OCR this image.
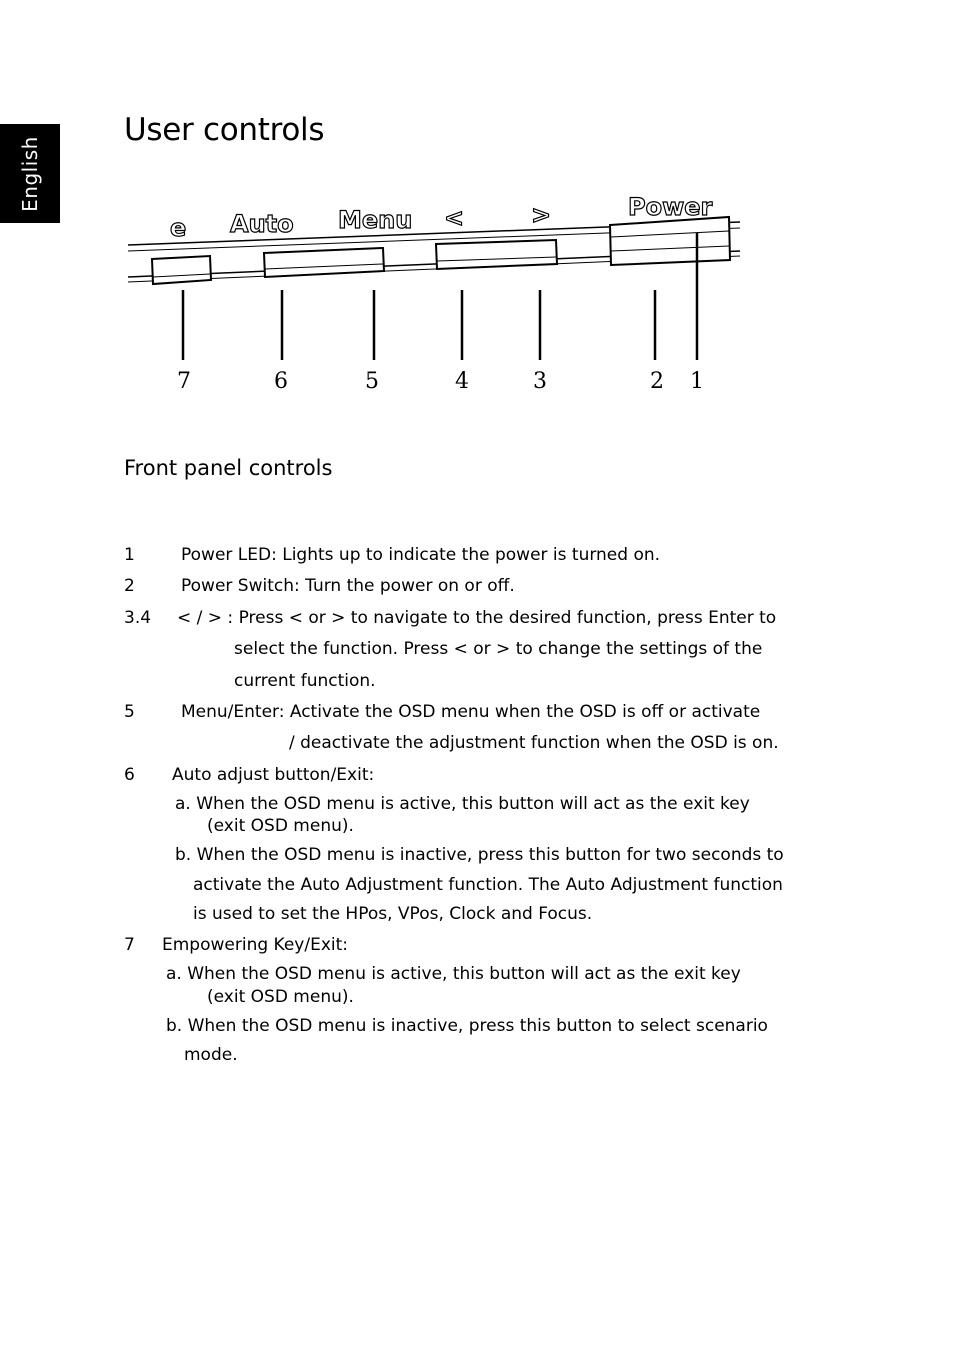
English
User controls
e Auto Menu <	>	Power
7	6	5	4	3	2 1
Front panel controls
1	Power LED: Lights up to indicate the power is turned on.
2	Power Switch: Turn the power on or off.
3.4 < / > : Press < or > to navigate to the desired function, press Enter to
select the function. Press < or > to change the settings of the
current function.
5	Menu/Enter: Activate the OSD menu when the OSD is off or activate
/ deactivate the adjustment function when the OSD is on.
6 Auto adjust button/Exit:
a. When the OSD menu is active, this button will act as the exit key
(exit OSD menu).
b. When the OSD menu is inactive, press this button for two seconds to
activate the Auto Adjustment function. The Auto Adjustment function
is used to set the HPos, VPos, Clock and Focus.
7 Empowering Key/Exit:
a. When the OSD menu is active, this button will act as the exit key
(exit OSD menu).
b. When the OSD menu is inactive, press this button to select scenario
mode.
